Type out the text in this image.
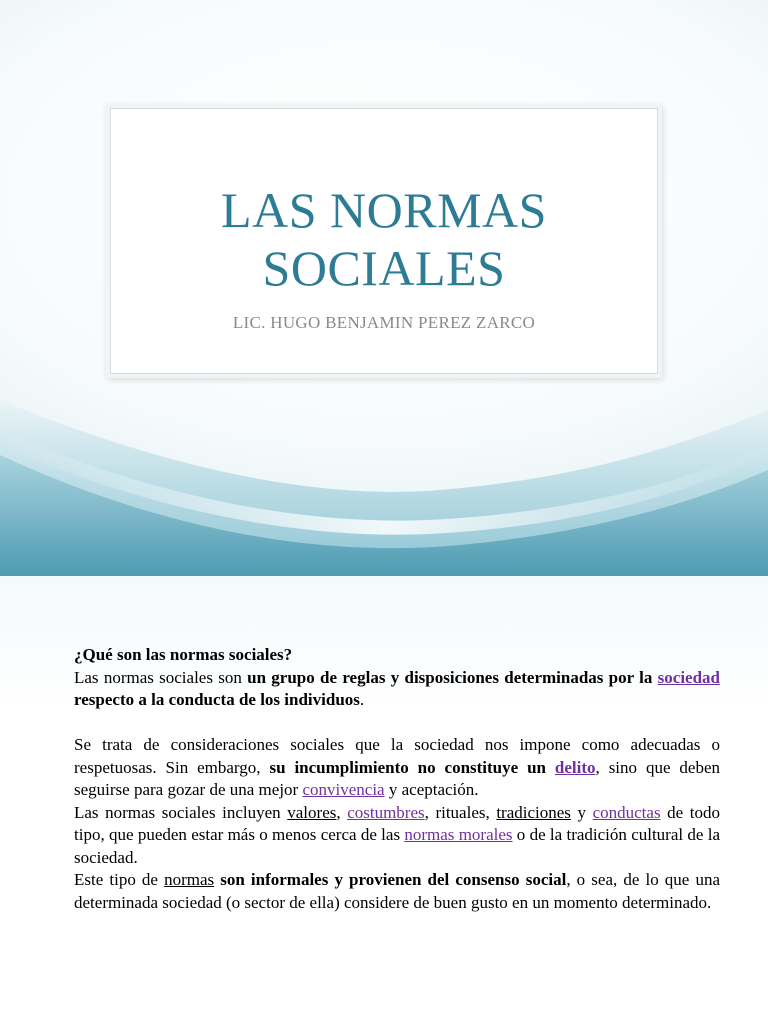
LAS NORMAS
SOCIALES
LIC. HUGO BENJAMIN PEREZ ZARCO

¿Qué son las normas sociales?

Las normas sociales son un grupo de reglas y disposiciones determinadas por la sociedad respecto a la conducta de los individuos.

Se trata de consideraciones sociales que la sociedad nos impone como adecuadas o respetuosas. Sin embargo, su incumplimiento no constituye un delito, sino que deben seguirse para gozar de una mejor convivencia y aceptación.

Las normas sociales incluyen valores, costumbres, rituales, tradiciones y conductas de todo tipo, que pueden estar más o menos cerca de las normas morales o de la tradición cultural de la sociedad.

Este tipo de normas son informales y provienen del consenso social, o sea, de lo que una determinada sociedad (o sector de ella) considere de buen gusto en un momento determinado.
